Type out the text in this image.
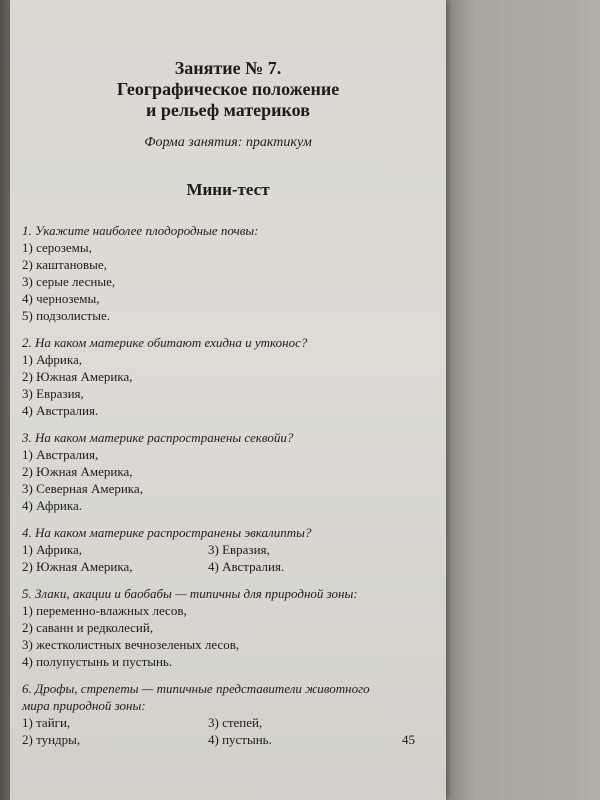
Занятие № 7.

Географическое положение

и рельеф материков

Форма занятия: практикум
Мини-тест
1. Укажите наиболее плодородные почвы:
1) сероземы,
2) каштановые,
3) серые лесные,
4) черноземы,
5) подзолистые.
2. На каком материке обитают ехидна и утконос?
1) Африка,
2) Южная Америка,
3) Евразия,
4) Австралия.
3. На каком материке распространены секвойи?
1) Австралия,
2) Южная Америка,
3) Северная Америка,
4) Африка.
4. На каком материке распространены эвкалипты?
1) Африка,	3) Евразия,
2) Южная Америка,	4) Австралия.
5. Злаки, акации и баобабы — типичны для природной зоны:
1) переменно-влажных лесов,
2) саванн и редколесий,
3) жестколистных вечнозеленых лесов,
4) полупустынь и пустынь.
6. Дрофы, стрепеты — типичные представители животного
мира природной зоны:
1) тайги,	3) степей,
2) тундры,	4) пустынь.	45
